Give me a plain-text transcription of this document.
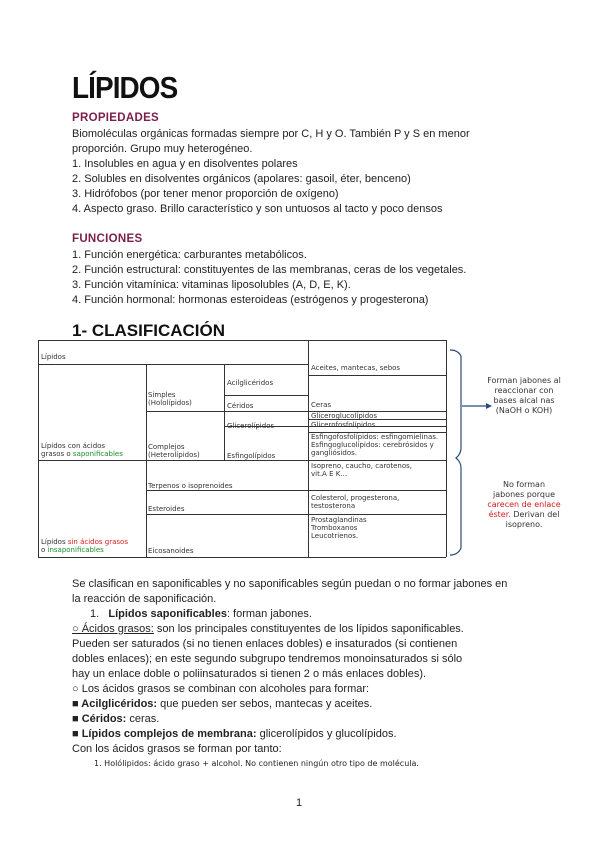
LÍPIDOS
PROPIEDADES

Biomoléculas orgánicas formadas siempre por C, H y O. También P y S en menor

proporción. Grupo muy heterogéneo.

1. Insolubles en agua y en disolventes polares

2. Solubles en disolventes orgánicos (apolares: gasoil, éter, benceno)

3. Hidrófobos (por tener menor proporción de oxígeno)

4. Aspecto graso. Brillo característico y son untuosos al tacto y poco densos

FUNCIONES

1. Función energética: carburantes metabólicos.

2. Función estructural: constituyentes de las membranas, ceras de los vegetales.

3. Función vitamínica: vitaminas liposolubles (A, D, E, K).

4. Función hormonal: hormonas esteroideas (estrógenos y progesterona)

1- CLASIFICACIÓN
Lípidos
Lípidos con ácidos
grasos o saponificables
Lípidos sin ácidos grasos
o insaponificables
Simples
(Hololípidos)
Complejos
(Heterolípidos)
Acilglicéridos
Céridos
Glicerolípidos
Esfingolípidos
Terpenos o isoprenoides
Esteroides
Eicosanoides
Aceites, mantecas, sebos
Ceras
Gliceroglucolípidos
Glicerofosfolípidos
Esfingofosfolípidos: esfingomielinas.
Esfingoglucolípidos: cerebrósidos y
gangliósidos.
Isopreno, caucho, carotenos,
vit.A E K…
Colesterol, progesterona,
testosterona
Prostaglandinas
Tromboxanos
Leucotrienos.
Forman jabones al
reaccionar con
bases alcal nas
(NaOH o KOH)
No forman
jabones porque
carecen de enlace
éster. Derivan del
isopreno.

Se clasifican en saponificables y no saponificables según puedan o no formar jabones en

la reacción de saponificación.

1. Lípidos saponificables: forman jabones.

○ Ácidos grasos: son los principales constituyentes de los lípidos saponificables.

Pueden ser saturados (si no tienen enlaces dobles) e insaturados (si contienen

dobles enlaces); en este segundo subgrupo tendremos monoinsaturados si sólo

hay un enlace doble o poliinsaturados si tienen 2 o más enlaces dobles).

○ Los ácidos grasos se combinan con alcoholes para formar:

■ Acilglicéridos: que pueden ser sebos, mantecas y aceites.

■ Céridos: ceras.

■ Lípidos complejos de membrana: glicerolípidos y glucolípidos.

Con los ácidos grasos se forman por tanto:

1. Holólipidos: ácido graso + alcohol. No contienen ningún otro tipo de molécula.

1
